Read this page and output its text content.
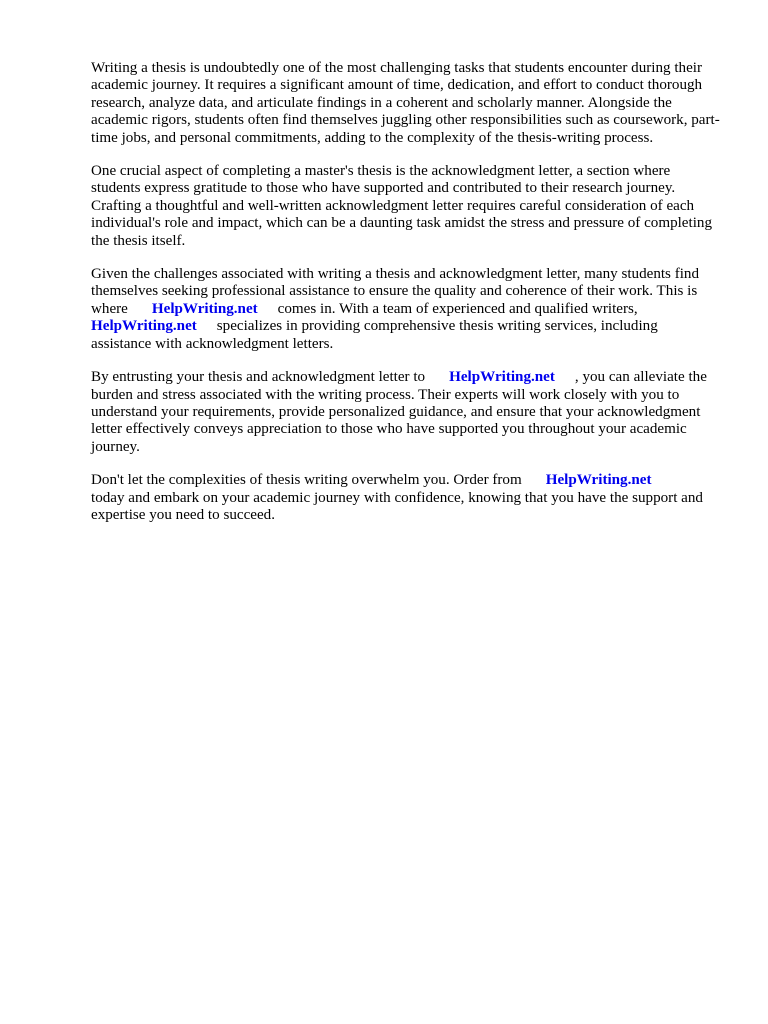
Writing a thesis is undoubtedly one of the most challenging tasks that students encounter during their academic journey. It requires a significant amount of time, dedication, and effort to conduct thorough research, analyze data, and articulate findings in a coherent and scholarly manner. Alongside the academic rigors, students often find themselves juggling other responsibilities such as coursework, part-time jobs, and personal commitments, adding to the complexity of the thesis-writing process.

One crucial aspect of completing a master's thesis is the acknowledgment letter, a section where students express gratitude to those who have supported and contributed to their research journey. Crafting a thoughtful and well-written acknowledgment letter requires careful consideration of each individual's role and impact, which can be a daunting task amidst the stress and pressure of completing the thesis itself.

Given the challenges associated with writing a thesis and acknowledgment letter, many students find themselves seeking professional assistance to ensure the quality and coherence of their work. This is where HelpWriting.net comes in. With a team of experienced and qualified writers,
HelpWriting.net specializes in providing comprehensive thesis writing services, including assistance with acknowledgment letters.

By entrusting your thesis and acknowledgment letter to HelpWriting.net , you can alleviate the burden and stress associated with the writing process. Their experts will work closely with you to understand your requirements, provide personalized guidance, and ensure that your acknowledgment letter effectively conveys appreciation to those who have supported you throughout your academic journey.

Don't let the complexities of thesis writing overwhelm you. Order from HelpWriting.net
today and embark on your academic journey with confidence, knowing that you have the support and expertise you need to succeed.
